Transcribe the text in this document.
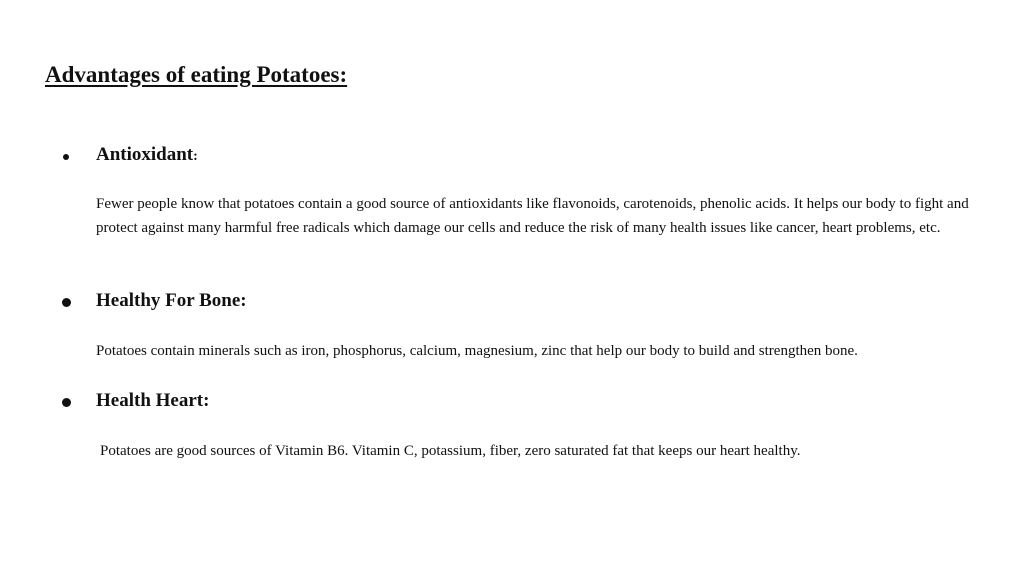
Advantages of eating Potatoes:

Antioxidant:

Fewer people know that potatoes contain a good source of antioxidants like flavonoids, carotenoids, phenolic acids. It helps our body to fight and protect against many harmful free radicals which damage our cells and reduce the risk of many health issues like cancer, heart problems, etc.

Healthy For Bone:

Potatoes contain minerals such as iron, phosphorus, calcium, magnesium, zinc that help our body to build and strengthen bone.

Health Heart:

Potatoes are good sources of Vitamin B6. Vitamin C, potassium, fiber, zero saturated fat that keeps our heart healthy.
